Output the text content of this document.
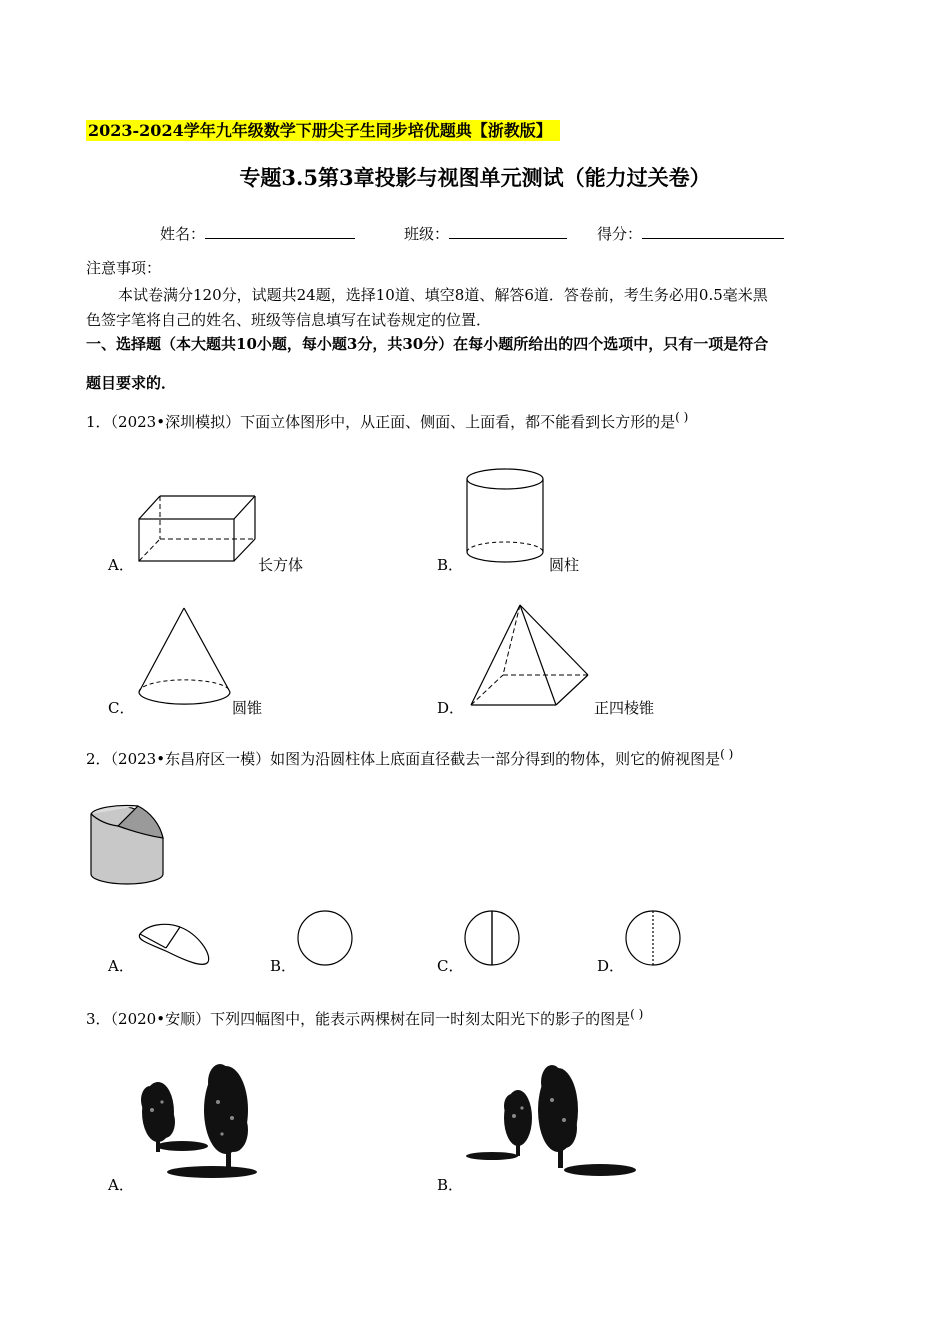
2023-2024学年九年级数学下册尖子生同步培优题典【浙教版】
专题3.5第3章投影与视图单元测试（能力过关卷）
姓名：	班级：	得分：
注意事项：
本试卷满分120分，试题共24题，选择10道、填空8道、解答6道．答卷前，考生务必用0.5毫米黑
色签字笔将自己的姓名、班级等信息填写在试卷规定的位置．
一、选择题（本大题共10小题，每小题3分，共30分）在每小题所给出的四个选项中，只有一项是符合
题目要求的．
1．（2023•深圳模拟）下面立体图形中，从正面、侧面、上面看，都不能看到长方形的是( )
A．	长方体	B．	圆柱
C．	圆锥	D．	正四棱锥
2．（2023•东昌府区一模）如图为沿圆柱体上底面直径截去一部分得到的物体，则它的俯视图是( )
A．	B．	C．	D．
3．（2020•安顺）下列四幅图中，能表示两棵树在同一时刻太阳光下的影子的图是( )
A．	B．
